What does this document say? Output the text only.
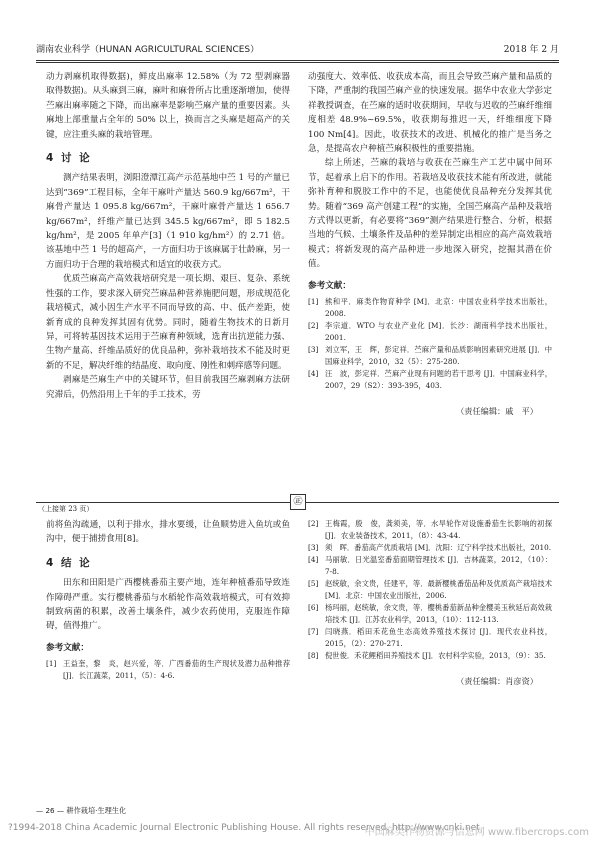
湖南农业科学（HUNAN AGRICULTURAL SCIENCES）	2018 年 2 月

动力剥麻机取得数据)，鲜皮出麻率 12.58%（为 72 型剥麻器取得数据)。从头麻到三麻，麻叶和麻骨所占比重逐渐增加，使得苎麻出麻率随之下降，而出麻率是影响苎麻产量的重要因素。头麻地上部重量占全年的 50% 以上，换而言之头麻是超高产的关键，应注重头麻的栽培管理。

4 讨 论

测产结果表明，浏阳澄潭江高产示范基地中苎 1 号的产量已达到“369”工程目标，全年干麻叶产量达 560.9 kg/667m²，干麻骨产量达 1 095.8 kg/667m²，干麻叶麻骨产量达 1 656.7 kg/667m²，纤维产量已达到 345.5 kg/667m²，即 5 182.5 kg/hm²，是 2005 年单产[3]（1 910 kg/hm²）的 2.71 倍。该基地中苎 1 号的超高产，一方面归功于该麻属于壮龄麻，另一方面归功于合理的栽培模式和适宜的收获方式。

优质苎麻高产高效栽培研究是一项长期、艰巨、复杂、系统性强的工作，要求深入研究苎麻品种营养施肥问题，形成规范化栽培模式，减小因生产水平不同而导致的高、中、低产差距，使新育成的良种发挥其固有优势。同时，随着生物技术的日新月异，可将转基因技术运用于苎麻育种领域，选育出抗逆能力强、生物产量高、纤维品质好的优良品种，弥补栽培技术不能及时更新的不足，解决纤维的结晶度、取向度、刚性和刺痒感等问题。

剥麻是苎麻生产中的关键环节，但目前我国苎麻剥麻方法研究滞后，仍然沿用上千年的手工技术，劳

动强度大、效率低、收获成本高，而且会导致苎麻产量和品质的下降，严重制约我国苎麻产业的快速发展。据华中农业大学彭定祥教授调查，在苎麻的适时收获期间，早收与迟收的苎麻纤维细度相差 48.9%~69.5%，收获期每推迟一天，纤维细度下降 100 Nm[4]。因此，收获技术的改进、机械化的推广是当务之急，是提高农户种植苎麻积极性的重要措施。

综上所述，苎麻的栽培与收获在苎麻生产工艺中属中间环节，起着承上启下的作用。若栽培及收获技术能有所改进，就能弥补育种和脱胶工作中的不足，也能使优良品种充分发挥其优势。随着“369 高产创建工程”的实施，全国苎麻高产品种及栽培方式得以更新，有必要将“369”测产结果进行整合、分析，根据当地的气候、土壤条件及品种的差异制定出相应的高产高效栽培模式；将新发现的高产品种进一步地深入研究，挖掘其潜在价值。

参考文献：
[1] 熊和平．麻类作物育种学 [M]．北京：中国农业科学技术出版社，2008.
[2] 李宗道．WTO 与农业产业化 [M]．长沙：湖南科学技术出版社，2001.
[3] 刘立军，王　辉，彭定祥．苎麻产量和品质影响因素研究进展 [J]．中国麻业科学，2010，32（5）：275-280.
[4] 汪　波，彭定祥．苎麻产业现有问题的若干思考 [J]．中国麻业科学，2007，29（S2）：393-395，403.
（责任编辑：戚　平）
㊣
（上接第 23 页）

前将鱼沟疏通，以利于排水，排水要缓，让鱼顺势进入鱼坑或鱼沟中，便于捕捞食用[8]。

4 结 论

田东和田阳是广西樱桃番茄主要产地，连年种植番茄导致连作障碍严重。实行樱桃番茄与水稻轮作高效栽培模式，可有效抑制致病菌的积累，改善土壤条件，减少农药使用，克服连作障碍，值得推广。

参考文献：
[1] 王益奎，黎　炎，赵兴爱，等．广西番茄的生产现状及潜力品种推荐 [J]．长江蔬菜，2011，（5）：4-6.
[2] 王梅霞，殷　俊，龚须美，等．水旱轮作对设施番茄生长影响的初探 [J]．农业装备技术，2011，（8）：43-44.
[3] 须　晖．番茄高产优质栽培 [M]．沈阳：辽宁科学技术出版社，2010.
[4] 马丽敏．日光温室番茄面期管理技术 [J]．吉林蔬菜，2012，（10）：7-8.
[5] 赵统敏，余文贵，任建平，等．最新樱桃番茄品种及优质高产栽培技术 [M]．北京：中国农业出版社，2006.
[6] 杨玛丽，赵统敏，余文贵，等．樱桃番茄新品种金樱美玉秋延后高效栽培技术 [J]．江苏农业科学，2013，（10）：112-113.
[7] 闫晓燕．稻田禾花鱼生态高效养殖技术探讨 [J]．现代农业科技，2015，（2）：270-271.
[8] 倪世俊．禾花鲤稻田养殖技术 [J]．农村科学实验，2013，（9）：35.
（责任编辑：肖彦资）
— 26 — 耕作栽培·生理生化
?1994-2018 China Academic Journal Electronic Publishing House. All rights reserved. http://www.cnki.net
中国麻类作物资源与信息网 www.fibercrops.com
